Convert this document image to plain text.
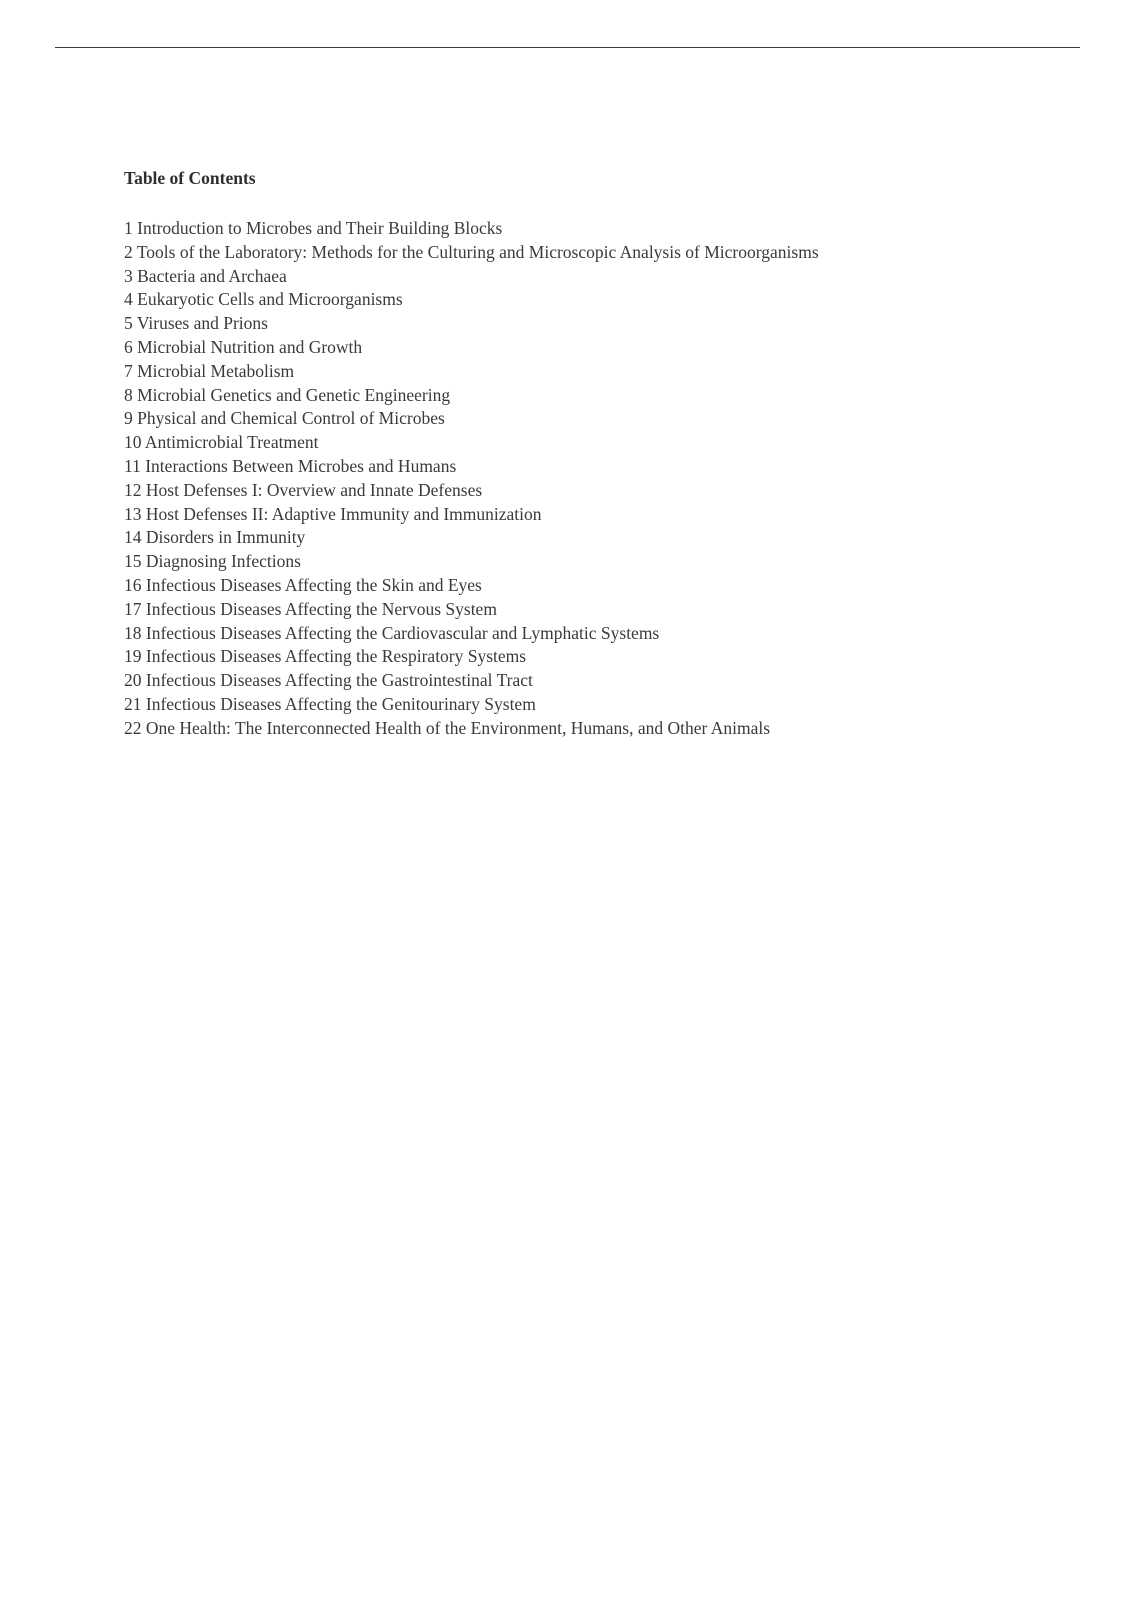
Table of Contents
1 Introduction to Microbes and Their Building Blocks
2 Tools of the Laboratory: Methods for the Culturing and Microscopic Analysis of Microorganisms
3 Bacteria and Archaea
4 Eukaryotic Cells and Microorganisms
5 Viruses and Prions
6 Microbial Nutrition and Growth
7 Microbial Metabolism
8 Microbial Genetics and Genetic Engineering
9 Physical and Chemical Control of Microbes
10 Antimicrobial Treatment
11 Interactions Between Microbes and Humans
12 Host Defenses I: Overview and Innate Defenses
13 Host Defenses II: Adaptive Immunity and Immunization
14 Disorders in Immunity
15 Diagnosing Infections
16 Infectious Diseases Affecting the Skin and Eyes
17 Infectious Diseases Affecting the Nervous System
18 Infectious Diseases Affecting the Cardiovascular and Lymphatic Systems
19 Infectious Diseases Affecting the Respiratory Systems
20 Infectious Diseases Affecting the Gastrointestinal Tract
21 Infectious Diseases Affecting the Genitourinary System
22 One Health: The Interconnected Health of the Environment, Humans, and Other Animals
